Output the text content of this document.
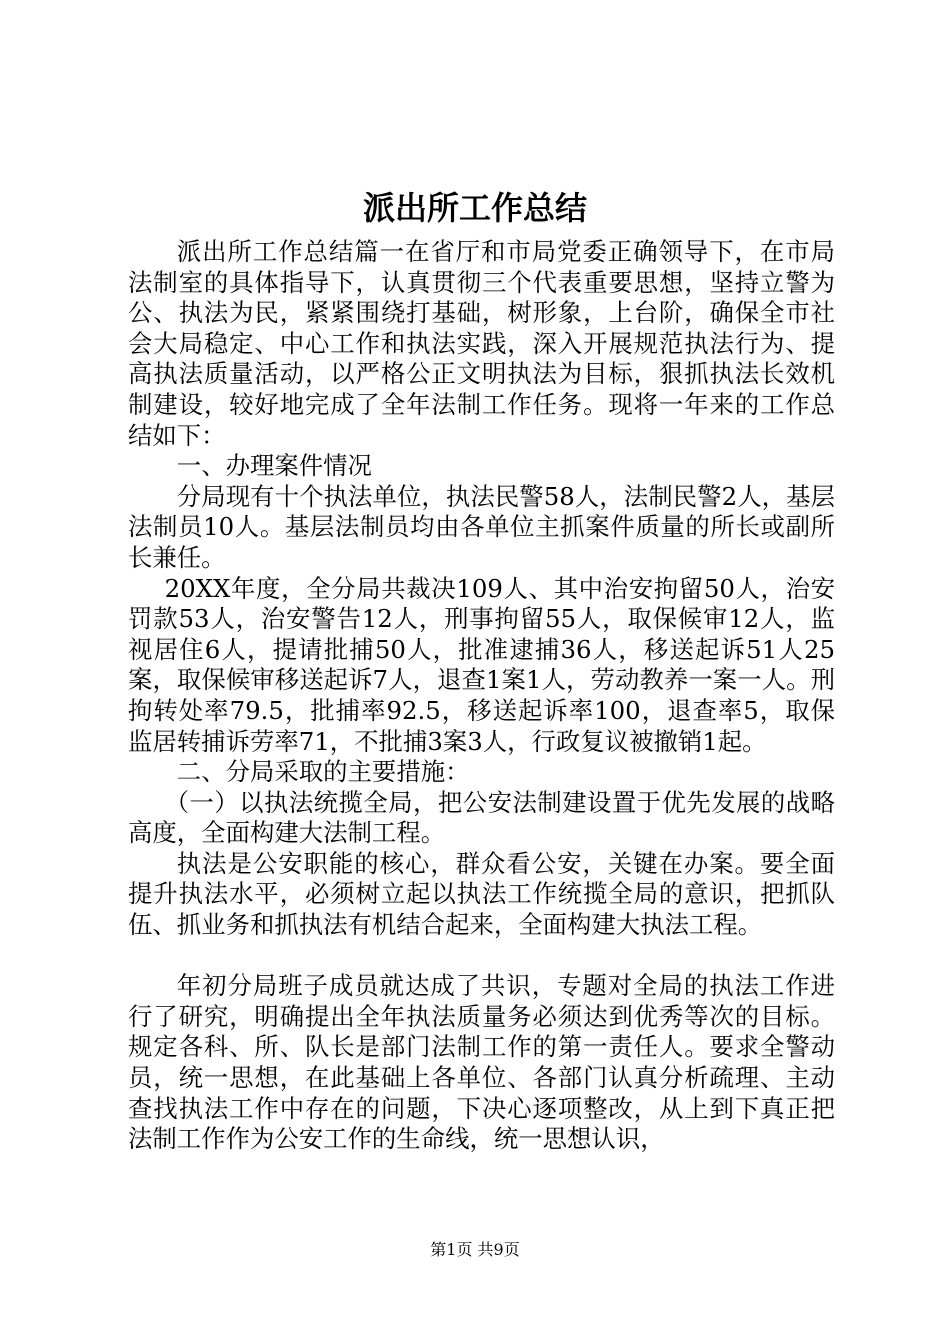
派出所工作总结

派出所工作总结篇一在省厅和市局党委正确领导下，在市局法制室的具体指导下，认真贯彻三个代表重要思想，坚持立警为公、执法为民，紧紧围绕打基础，树形象，上台阶，确保全市社会大局稳定、中心工作和执法实践，深入开展规范执法行为、提高执法质量活动，以严格公正文明执法为目标，狠抓执法长效机制建设，较好地完成了全年法制工作任务。现将一年来的工作总结如下：

一、办理案件情况

分局现有十个执法单位，执法民警58人，法制民警2人，基层法制员10人。基层法制员均由各单位主抓案件质量的所长或副所长兼任。

20XX年度，全分局共裁决109人、其中治安拘留50人，治安罚款53人，治安警告12人，刑事拘留55人，取保候审12人，监视居住6人，提请批捕50人，批准逮捕36人，移送起诉51人25案，取保候审移送起诉7人，退查1案1人，劳动教养一案一人。刑拘转处率79.5，批捕率92.5，移送起诉率100，退查率5，取保监居转捕诉劳率71，不批捕3案3人，行政复议被撤销1起。

二、分局采取的主要措施：

（一）以执法统揽全局，把公安法制建设置于优先发展的战略高度，全面构建大法制工程。

执法是公安职能的核心，群众看公安，关键在办案。要全面提升执法水平，必须树立起以执法工作统揽全局的意识，把抓队伍、抓业务和抓执法有机结合起来，全面构建大执法工程。

年初分局班子成员就达成了共识，专题对全局的执法工作进行了研究，明确提出全年执法质量务必须达到优秀等次的目标。规定各科、所、队长是部门法制工作的第一责任人。要求全警动员，统一思想，在此基础上各单位、各部门认真分析疏理、主动查找执法工作中存在的问题，下决心逐项整改，从上到下真正把法制工作作为公安工作的生命线，统一思想认识，

第1页 共9页
